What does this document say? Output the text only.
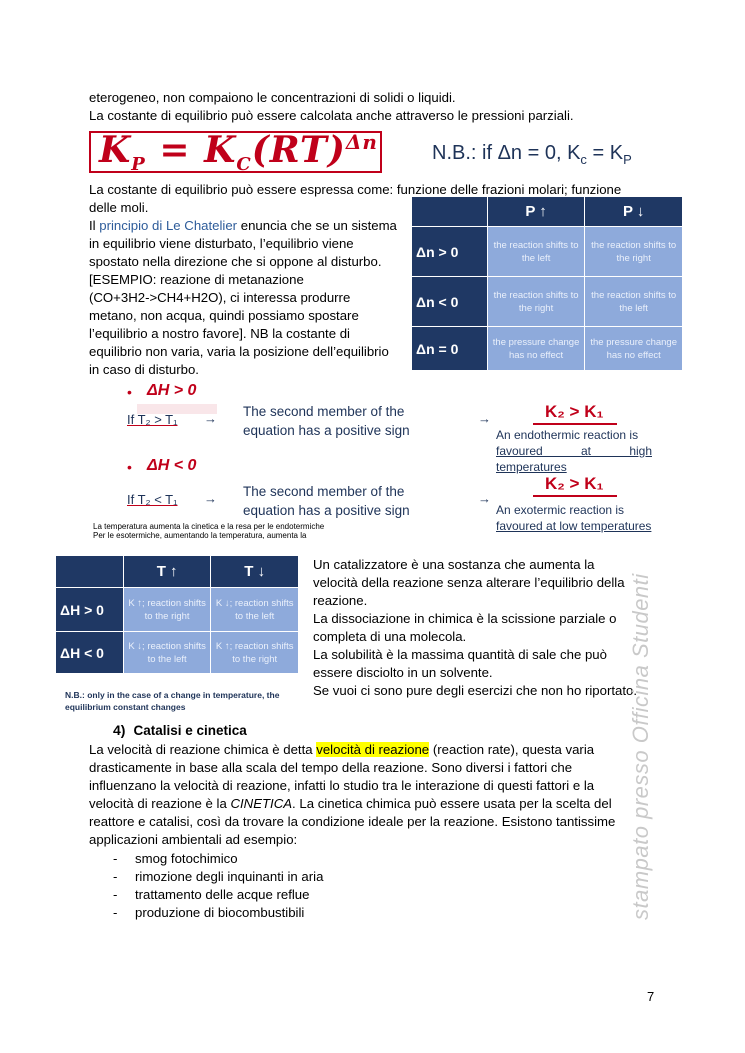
eterogeneo, non compaiono le concentrazioni di solidi o liquidi.
La costante di equilibrio può essere calcolata anche attraverso le pressioni parziali.
$K_P = K_C(RT)^{\Delta n}$	N.B.: if Δn = 0, $K_c = K_P$
La costante di equilibrio può essere espressa come: funzione delle frazioni molari; funzione
delle moli.
Il principio di Le Chatelier enuncia che se un sistema
in equilibrio viene disturbato, l’equilibrio viene
spostato nella direzione che si oppone al disturbo.
[ESEMPIO: reazione di metanazione
(CO+3H2->CH4+H2O), ci interessa produrre
metano, non acqua, quindi possiamo spostare
l’equilibrio a nostro favore]. NB la costante di
equilibrio non varia, varia la posizione dell’equilibrio
in caso di disturbo.
	P ↑	P ↓
Δn > 0	the reaction shifts to the left	the reaction shifts to the right
Δn < 0	the reaction shifts to the right	the reaction shifts to the left
Δn = 0	the pressure change has no effect	the pressure change has no effect
• ΔH > 0
If T₂ > T₁ → The second member of the
equation has a positive sign
→	K₂ > K₁
An endothermic reaction is
favoured at high temperatures
• ΔH < 0
If T₂ < T₁ → The second member of the
equation has a positive sign
→
K₂ > K₁
An exotermic reaction is
favoured at low temperatures
La temperatura aumenta la cinetica e la resa per le endotermiche
Per le esotermiche, aumentando la temperatura, aumenta la
	T ↑	T ↓
ΔH > 0	K ↑; reaction shifts to the right	K ↓; reaction shifts to the left
ΔH < 0	K ↓; reaction shifts to the left	K ↑; reaction shifts to the right
N.B.: only in the case of a change in temperature, the
equilibrium constant changes
Un catalizzatore è una sostanza che aumenta la
velocità della reazione senza alterare l’equilibrio della
reazione.
La dissociazione in chimica è la scissione parziale o
completa di una molecola.
La solubilità è la massima quantità di sale che può
essere disciolto in un solvente.
Se vuoi ci sono pure degli esercizi che non ho riportato.
4) Catalisi e cinetica
La velocità di reazione chimica è detta velocità di reazione (reaction rate), questa varia
drasticamente in base alla scala del tempo della reazione. Sono diversi i fattori che
influenzano la velocità di reazione, infatti lo studio tra le interazione di questi fattori e la
velocità di reazione è la CINETICA. La cinetica chimica può essere usata per la scelta del
reattore e catalisi, così da trovare la condizione ideale per la reazione. Esistono tantissime
applicazioni ambientali ad esempio:
- smog fotochimico
- rimozione degli inquinanti in aria
- trattamento delle acque reflue
- produzione di biocombustibili	stampato presso Officina Studenti
7
